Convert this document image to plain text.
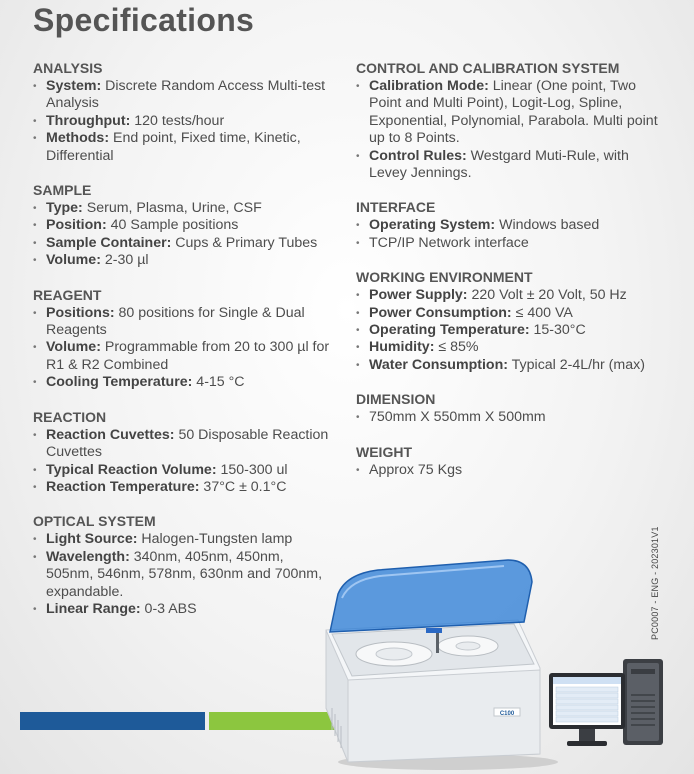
Specifications
ANALYSIS
• System: Discrete Random Access Multi-test Analysis
• Throughput: 120 tests/hour
• Methods: End point, Fixed time, Kinetic, Differential
SAMPLE
• Type: Serum, Plasma, Urine, CSF
• Position: 40 Sample positions
• Sample Container: Cups & Primary Tubes
• Volume: 2-30 µl
REAGENT
• Positions: 80 positions for Single & Dual Reagents
• Volume: Programmable from 20 to 300 µl for R1 & R2 Combined
• Cooling Temperature: 4-15 °C
REACTION
• Reaction Cuvettes: 50 Disposable Reaction Cuvettes
• Typical Reaction Volume: 150-300 ul
• Reaction Temperature: 37°C ± 0.1°C
OPTICAL SYSTEM
• Light Source: Halogen-Tungsten lamp
• Wavelength: 340nm, 405nm, 450nm, 505nm, 546nm, 578nm, 630nm and 700nm, expandable.
• Linear Range: 0-3 ABS
CONTROL AND CALIBRATION SYSTEM
• Calibration Mode: Linear (One point, Two Point and Multi Point), Logit-Log, Spline, Exponential, Polynomial, Parabola. Multi point up to 8 Points.
• Control Rules: Westgard Muti-Rule, with Levey Jennings.
INTERFACE
• Operating System: Windows based
• TCP/IP Network interface
WORKING ENVIRONMENT
• Power Supply: 220 Volt ± 20 Volt, 50 Hz
• Power Consumption: ≤ 400 VA
• Operating Temperature: 15-30°C
• Humidity: ≤ 85%
• Water Consumption: Typical 2-4L/hr (max)
DIMENSION
• 750mm X 550mm X 500mm
WEIGHT
• Approx 75 Kgs
PC0007 - ENG - 202301V1
C100
